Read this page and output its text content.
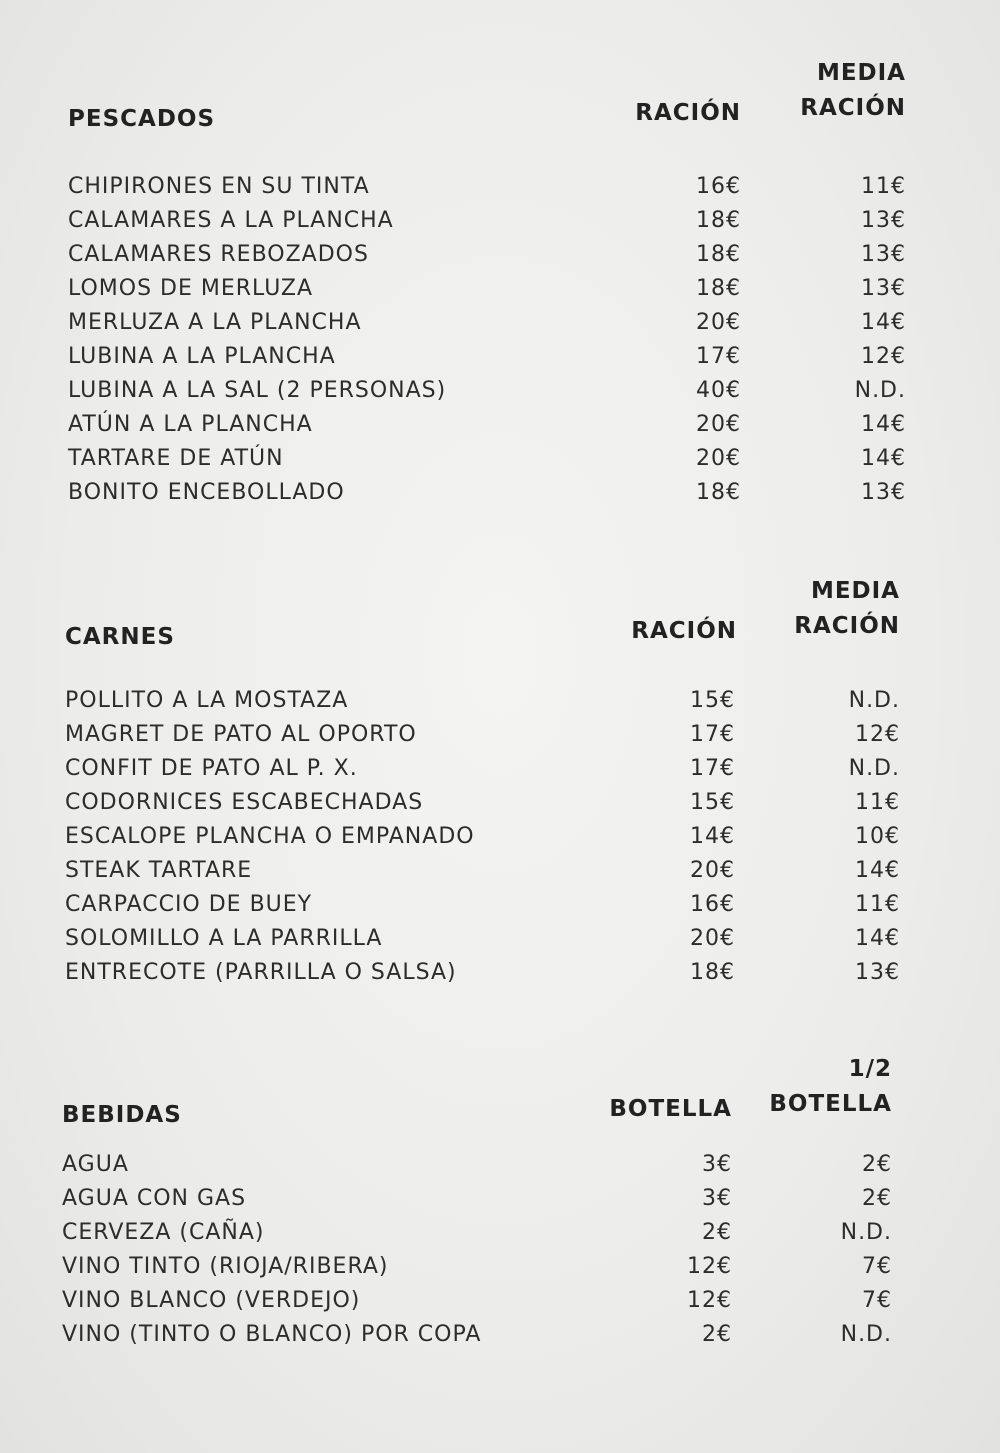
PESCADOS	RACIÓN
MEDIA
RACIÓN
CHIPIRONES EN SU TINTA	16€	11€
CALAMARES A LA PLANCHA	18€	13€
CALAMARES REBOZADOS	18€	13€
LOMOS DE MERLUZA	18€	13€
MERLUZA A LA PLANCHA	20€	14€
LUBINA A LA PLANCHA	17€	12€
LUBINA A LA SAL (2 PERSONAS)	40€	N.D.
ATÚN A LA PLANCHA	20€	14€
TARTARE DE ATÚN	20€	14€
BONITO ENCEBOLLADO	18€	13€
CARNES	RACIÓN
MEDIA
RACIÓN
POLLITO A LA MOSTAZA	15€	N.D.
MAGRET DE PATO AL OPORTO	17€	12€
CONFIT DE PATO AL P. X.	17€	N.D.
CODORNICES ESCABECHADAS	15€	11€
ESCALOPE PLANCHA O EMPANADO	14€	10€
STEAK TARTARE	20€	14€
CARPACCIO DE BUEY	16€	11€
SOLOMILLO A LA PARRILLA	20€	14€
ENTRECOTE (PARRILLA O SALSA)	18€	13€
BEBIDAS	BOTELLA
1/2
BOTELLA
AGUA	3€	2€
AGUA CON GAS	3€	2€
CERVEZA (CAÑA)	2€	N.D.
VINO TINTO (RIOJA/RIBERA)	12€	7€
VINO BLANCO (VERDEJO)	12€	7€
VINO (TINTO O BLANCO) POR COPA	2€	N.D.
